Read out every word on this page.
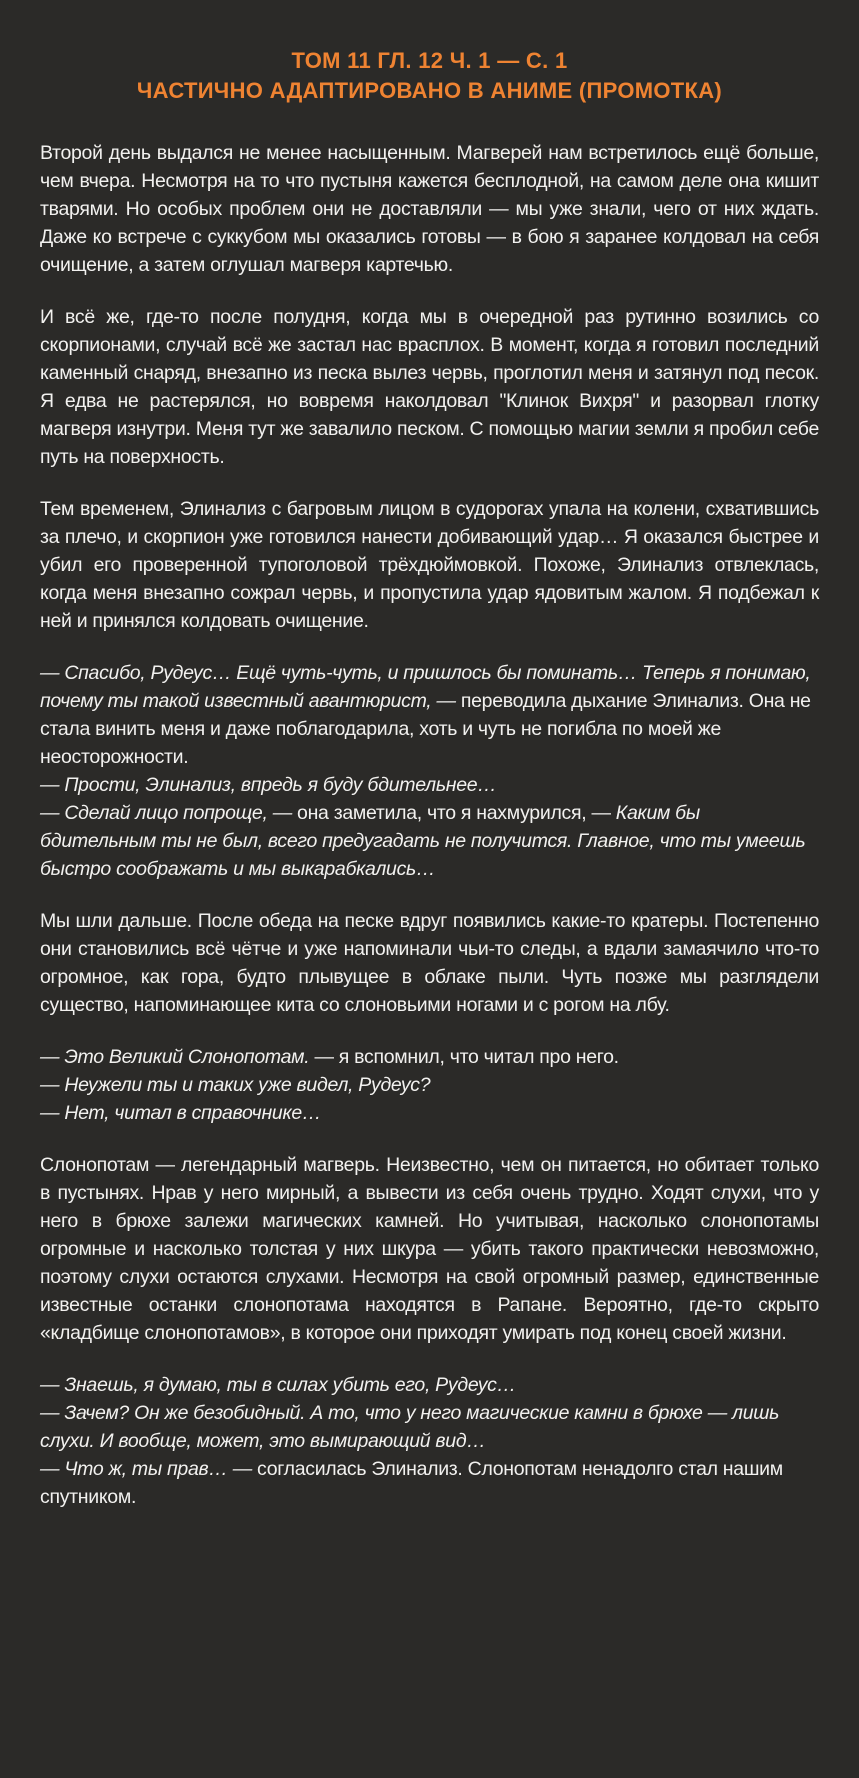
ТОМ 11 ГЛ. 12 Ч. 1 — С. 1
ЧАСТИЧНО АДАПТИРОВАНО В АНИМЕ (ПРОМОТКА)

Второй день выдался не менее насыщенным. Магверей нам встретилось ещё больше, чем вчера. Несмотря на то что пустыня кажется бесплодной, на самом деле она кишит тварями. Но особых проблем они не доставляли — мы уже знали, чего от них ждать. Даже ко встрече с суккубом мы оказались готовы — в бою я заранее колдовал на себя очищение, а затем оглушал магверя картечью.

И всё же, где-то после полудня, когда мы в очередной раз рутинно возились со скорпионами, случай всё же застал нас врасплох. В момент, когда я готовил последний каменный снаряд, внезапно из песка вылез червь, проглотил меня и затянул под песок. Я едва не растерялся, но вовремя наколдовал "Клинок Вихря" и разорвал глотку магверя изнутри. Меня тут же завалило песком. С помощью магии земли я пробил себе путь на поверхность.

Тем временем, Элинализ с багровым лицом в судорогах упала на колени, схватившись за плечо, и скорпион уже готовился нанести добивающий удар… Я оказался быстрее и убил его проверенной тупоголовой трёхдюймовкой. Похоже, Элинализ отвлеклась, когда меня внезапно сожрал червь, и пропустила удар ядовитым жалом. Я подбежал к ней и принялся колдовать очищение.

— Спасибо, Рудеус… Ещё чуть-чуть, и пришлось бы поминать… Теперь я понимаю, почему ты такой известный авантюрист, — переводила дыхание Элинализ. Она не стала винить меня и даже поблагодарила, хоть и чуть не погибла по моей же неосторожности.
— Прости, Элинализ, впредь я буду бдительнее…
— Сделай лицо попроще, — она заметила, что я нахмурился, — Каким бы бдительным ты не был, всего предугадать не получится. Главное, что ты умеешь быстро соображать и мы выкарабкались…

Мы шли дальше. После обеда на песке вдруг появились какие-то кратеры. Постепенно они становились всё чётче и уже напоминали чьи-то следы, а вдали замаячило что-то огромное, как гора, будто плывущее в облаке пыли. Чуть позже мы разглядели существо, напоминающее кита со слоновьими ногами и с рогом на лбу.

— Это Великий Слонопотам. — я вспомнил, что читал про него.
— Неужели ты и таких уже видел, Рудеус?
— Нет, читал в справочнике…

Слонопотам — легендарный магверь. Неизвестно, чем он питается, но обитает только в пустынях. Нрав у него мирный, а вывести из себя очень трудно. Ходят слухи, что у него в брюхе залежи магических камней. Но учитывая, насколько слонопотамы огромные и насколько толстая у них шкура — убить такого практически невозможно, поэтому слухи остаются слухами. Несмотря на свой огромный размер, единственные известные останки слонопотама находятся в Рапане. Вероятно, где-то скрыто «кладбище слонопотамов», в которое они приходят умирать под конец своей жизни.

— Знаешь, я думаю, ты в силах убить его, Рудеус…
— Зачем? Он же безобидный. А то, что у него магические камни в брюхе — лишь слухи. И вообще, может, это вымирающий вид…
— Что ж, ты прав… — согласилась Элинализ. Слонопотам ненадолго стал нашим спутником.
